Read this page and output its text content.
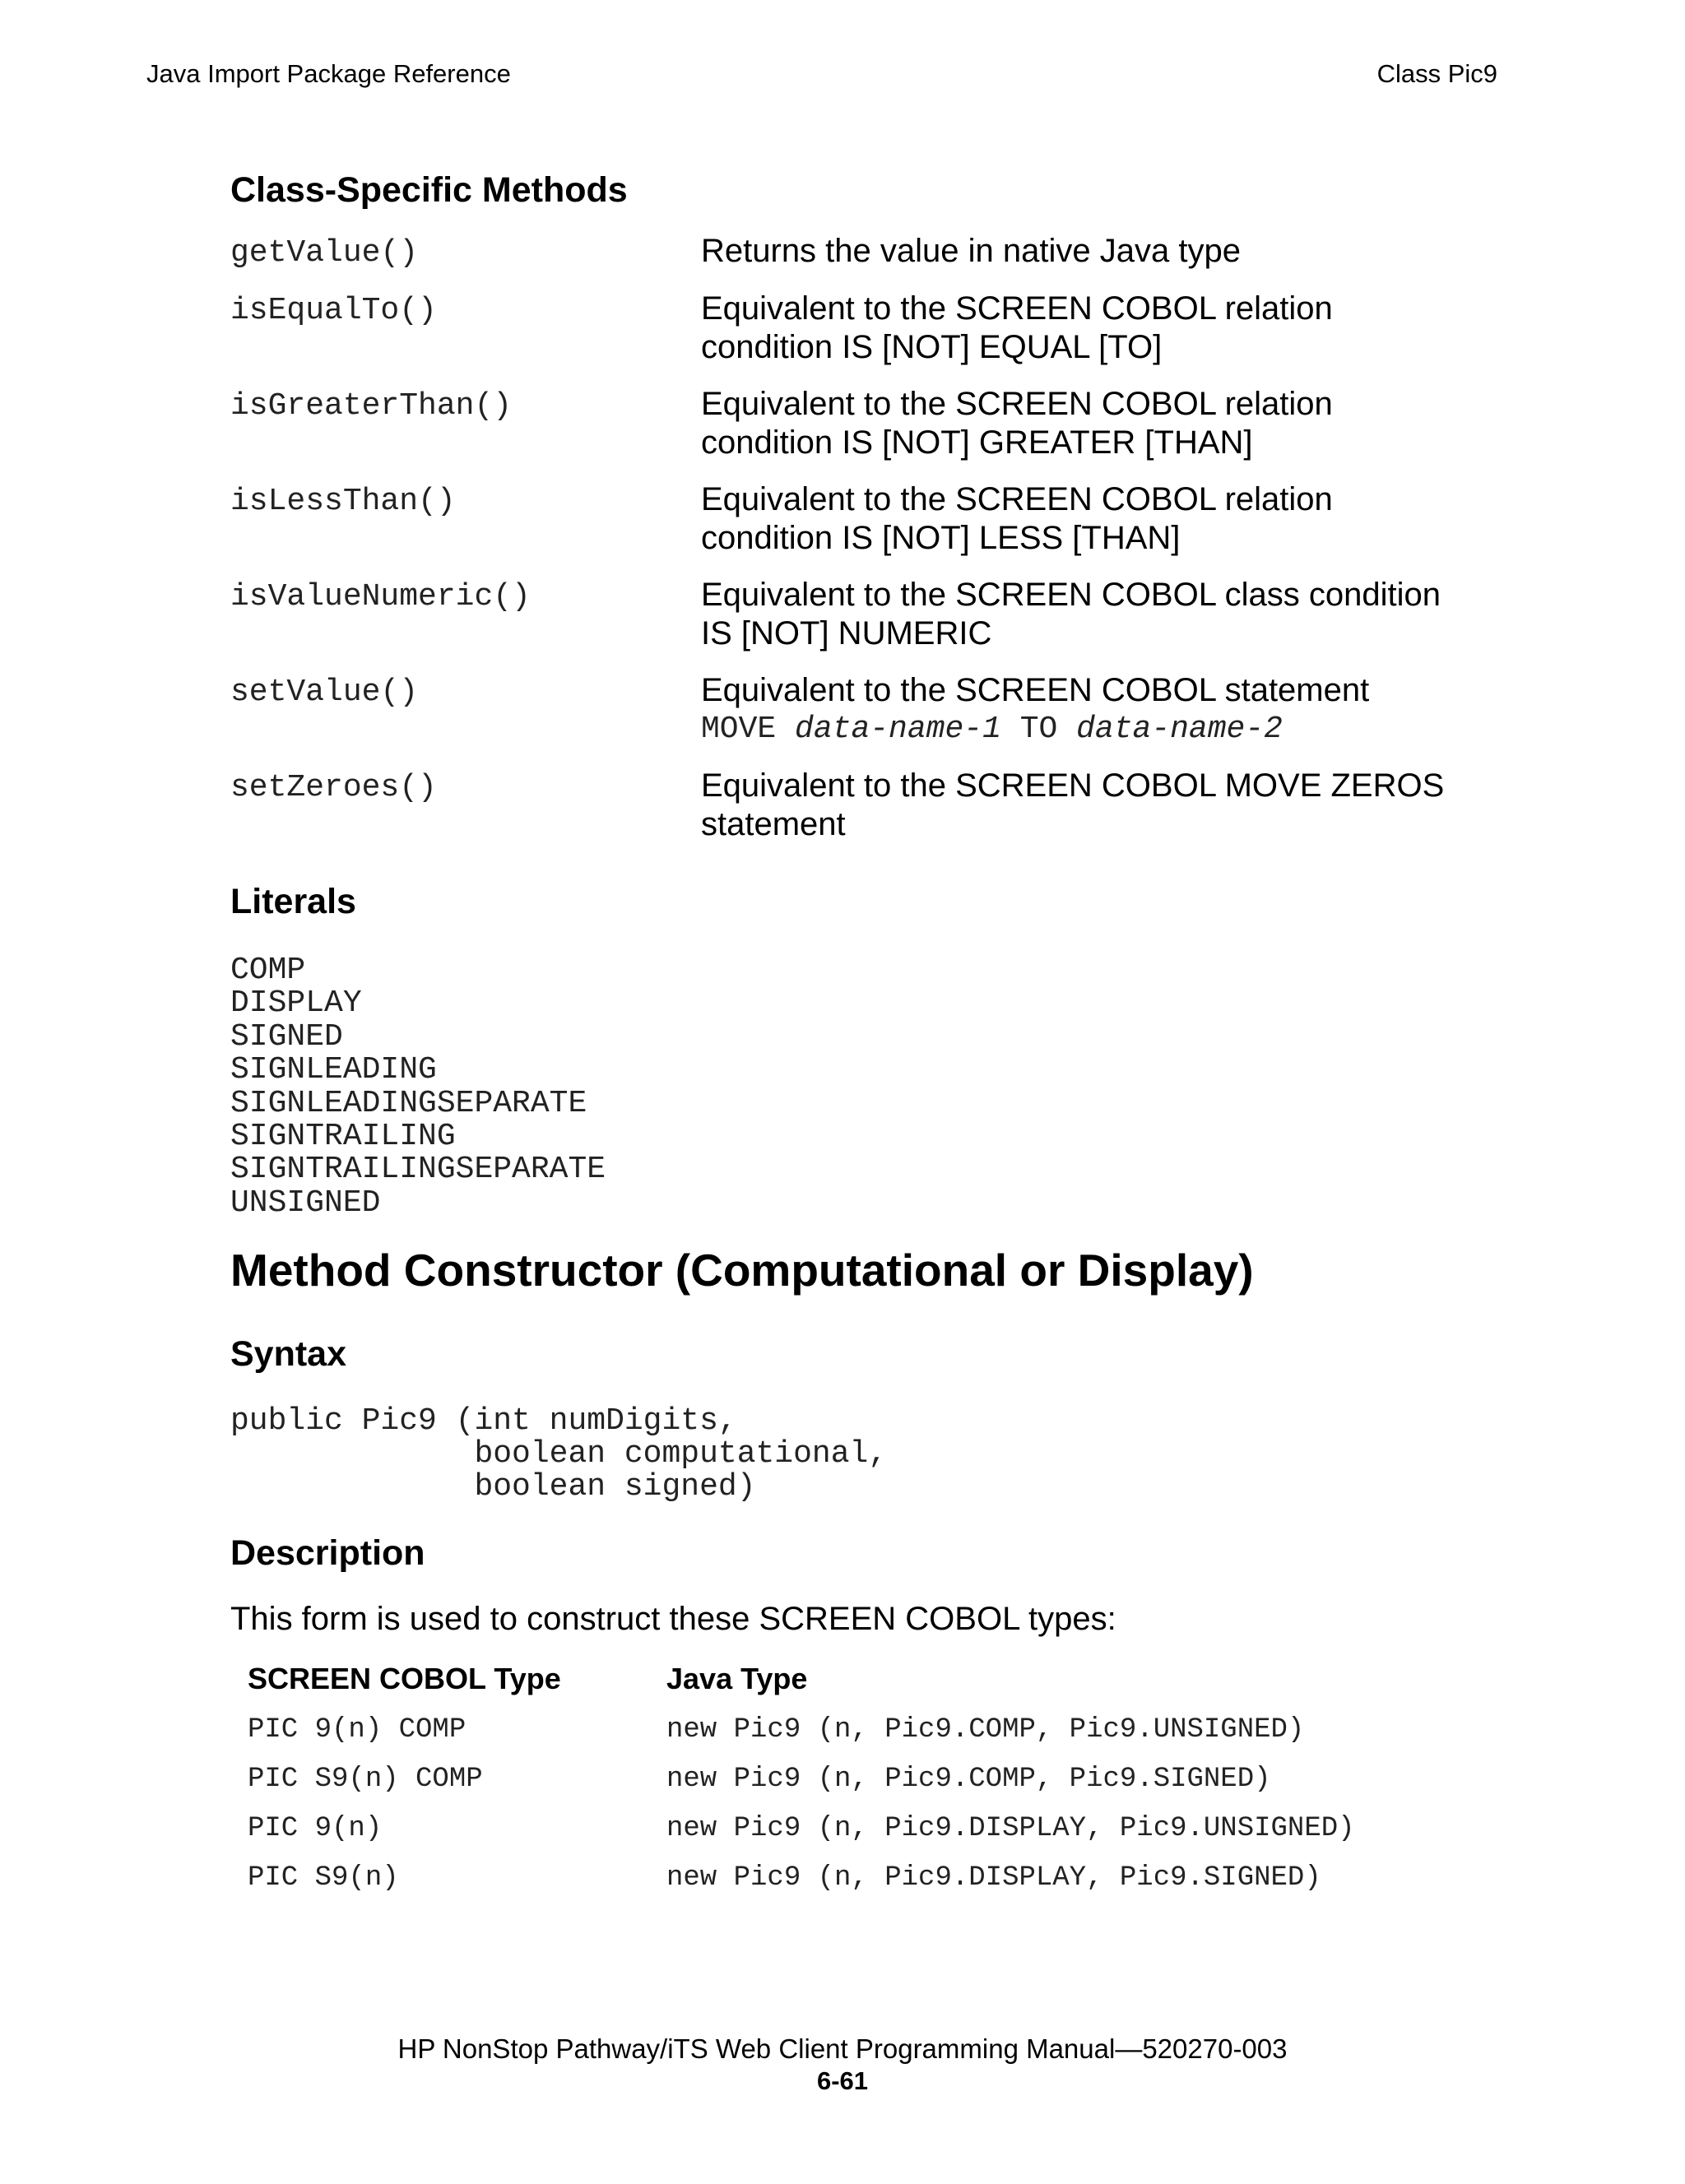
Java Import Package Reference	Class Pic9
Class-Specific Methods
getValue()	Returns the value in native Java type
isEqualTo()	Equivalent to the SCREEN COBOL relation
condition IS [NOT] EQUAL [TO]
isGreaterThan()	Equivalent to the SCREEN COBOL relation
condition IS [NOT] GREATER [THAN]
isLessThan()	Equivalent to the SCREEN COBOL relation
condition IS [NOT] LESS [THAN]
isValueNumeric()	Equivalent to the SCREEN COBOL class condition
IS [NOT] NUMERIC
setValue()	Equivalent to the SCREEN COBOL statement
MOVE data-name-1 TO data-name-2
setZeroes()	Equivalent to the SCREEN COBOL MOVE ZEROS
statement
Literals
COMP
DISPLAY
SIGNED
SIGNLEADING
SIGNLEADINGSEPARATE
SIGNTRAILING
SIGNTRAILINGSEPARATE
UNSIGNED
Method Constructor (Computational or Display)
Syntax
public Pic9 (int numDigits,
boolean computational,
boolean signed)
Description
This form is used to construct these SCREEN COBOL types:
SCREEN COBOL Type	Java Type
PIC 9(n) COMP	new Pic9 (n, Pic9.COMP, Pic9.UNSIGNED)
PIC S9(n) COMP	new Pic9 (n, Pic9.COMP, Pic9.SIGNED)
PIC 9(n)	new Pic9 (n, Pic9.DISPLAY, Pic9.UNSIGNED)
PIC S9(n)	new Pic9 (n, Pic9.DISPLAY, Pic9.SIGNED)
HP NonStop Pathway/iTS Web Client Programming Manual—520270-003
6-61
